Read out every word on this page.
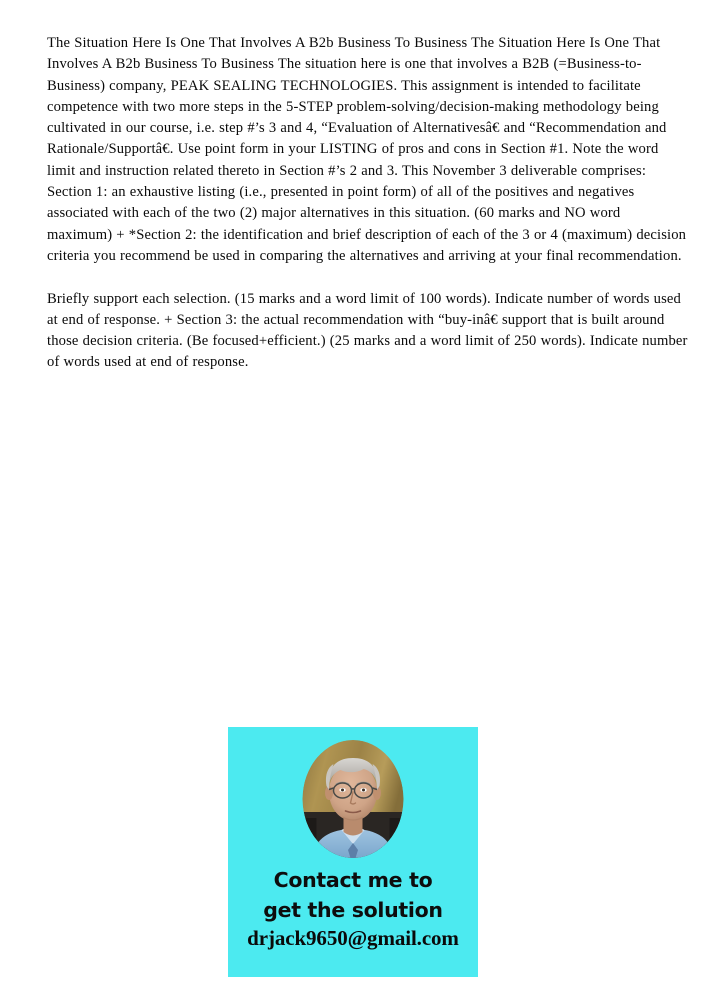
The Situation Here Is One That Involves A B2b Business To Business The Situation Here Is One That Involves A B2b Business To Business The situation here is one that involves a B2B (=Business-to-Business) company, PEAK SEALING TECHNOLOGIES. This assignment is intended to facilitate competence with two more steps in the 5-STEP problem-solving/decision-making methodology being cultivated in our course, i.e. step #’s 3 and 4, “Evaluation of Alternativesâ€ and “Recommendation and Rationale/Supportâ€. Use point form in your LISTING of pros and cons in Section #1. Note the word limit and instruction related thereto in Section #’s 2 and 3. This November 3 deliverable comprises: Section 1: an exhaustive listing (i.e., presented in point form) of all of the positives and negatives associated with each of the two (2) major alternatives in this situation. (60 marks and NO word maximum) + *Section 2: the identification and brief description of each of the 3 or 4 (maximum) decision criteria you recommend be used in comparing the alternatives and arriving at your final recommendation.

Briefly support each selection. (15 marks and a word limit of 100 words). Indicate number of words used at end of response. + Section 3: the actual recommendation with “buy-inâ€ support that is built around those decision criteria. (Be focused+efficient.) (25 marks and a word limit of 250 words). Indicate number of words used at end of response.

Contact me to
get the solution
drjack9650@gmail.com
